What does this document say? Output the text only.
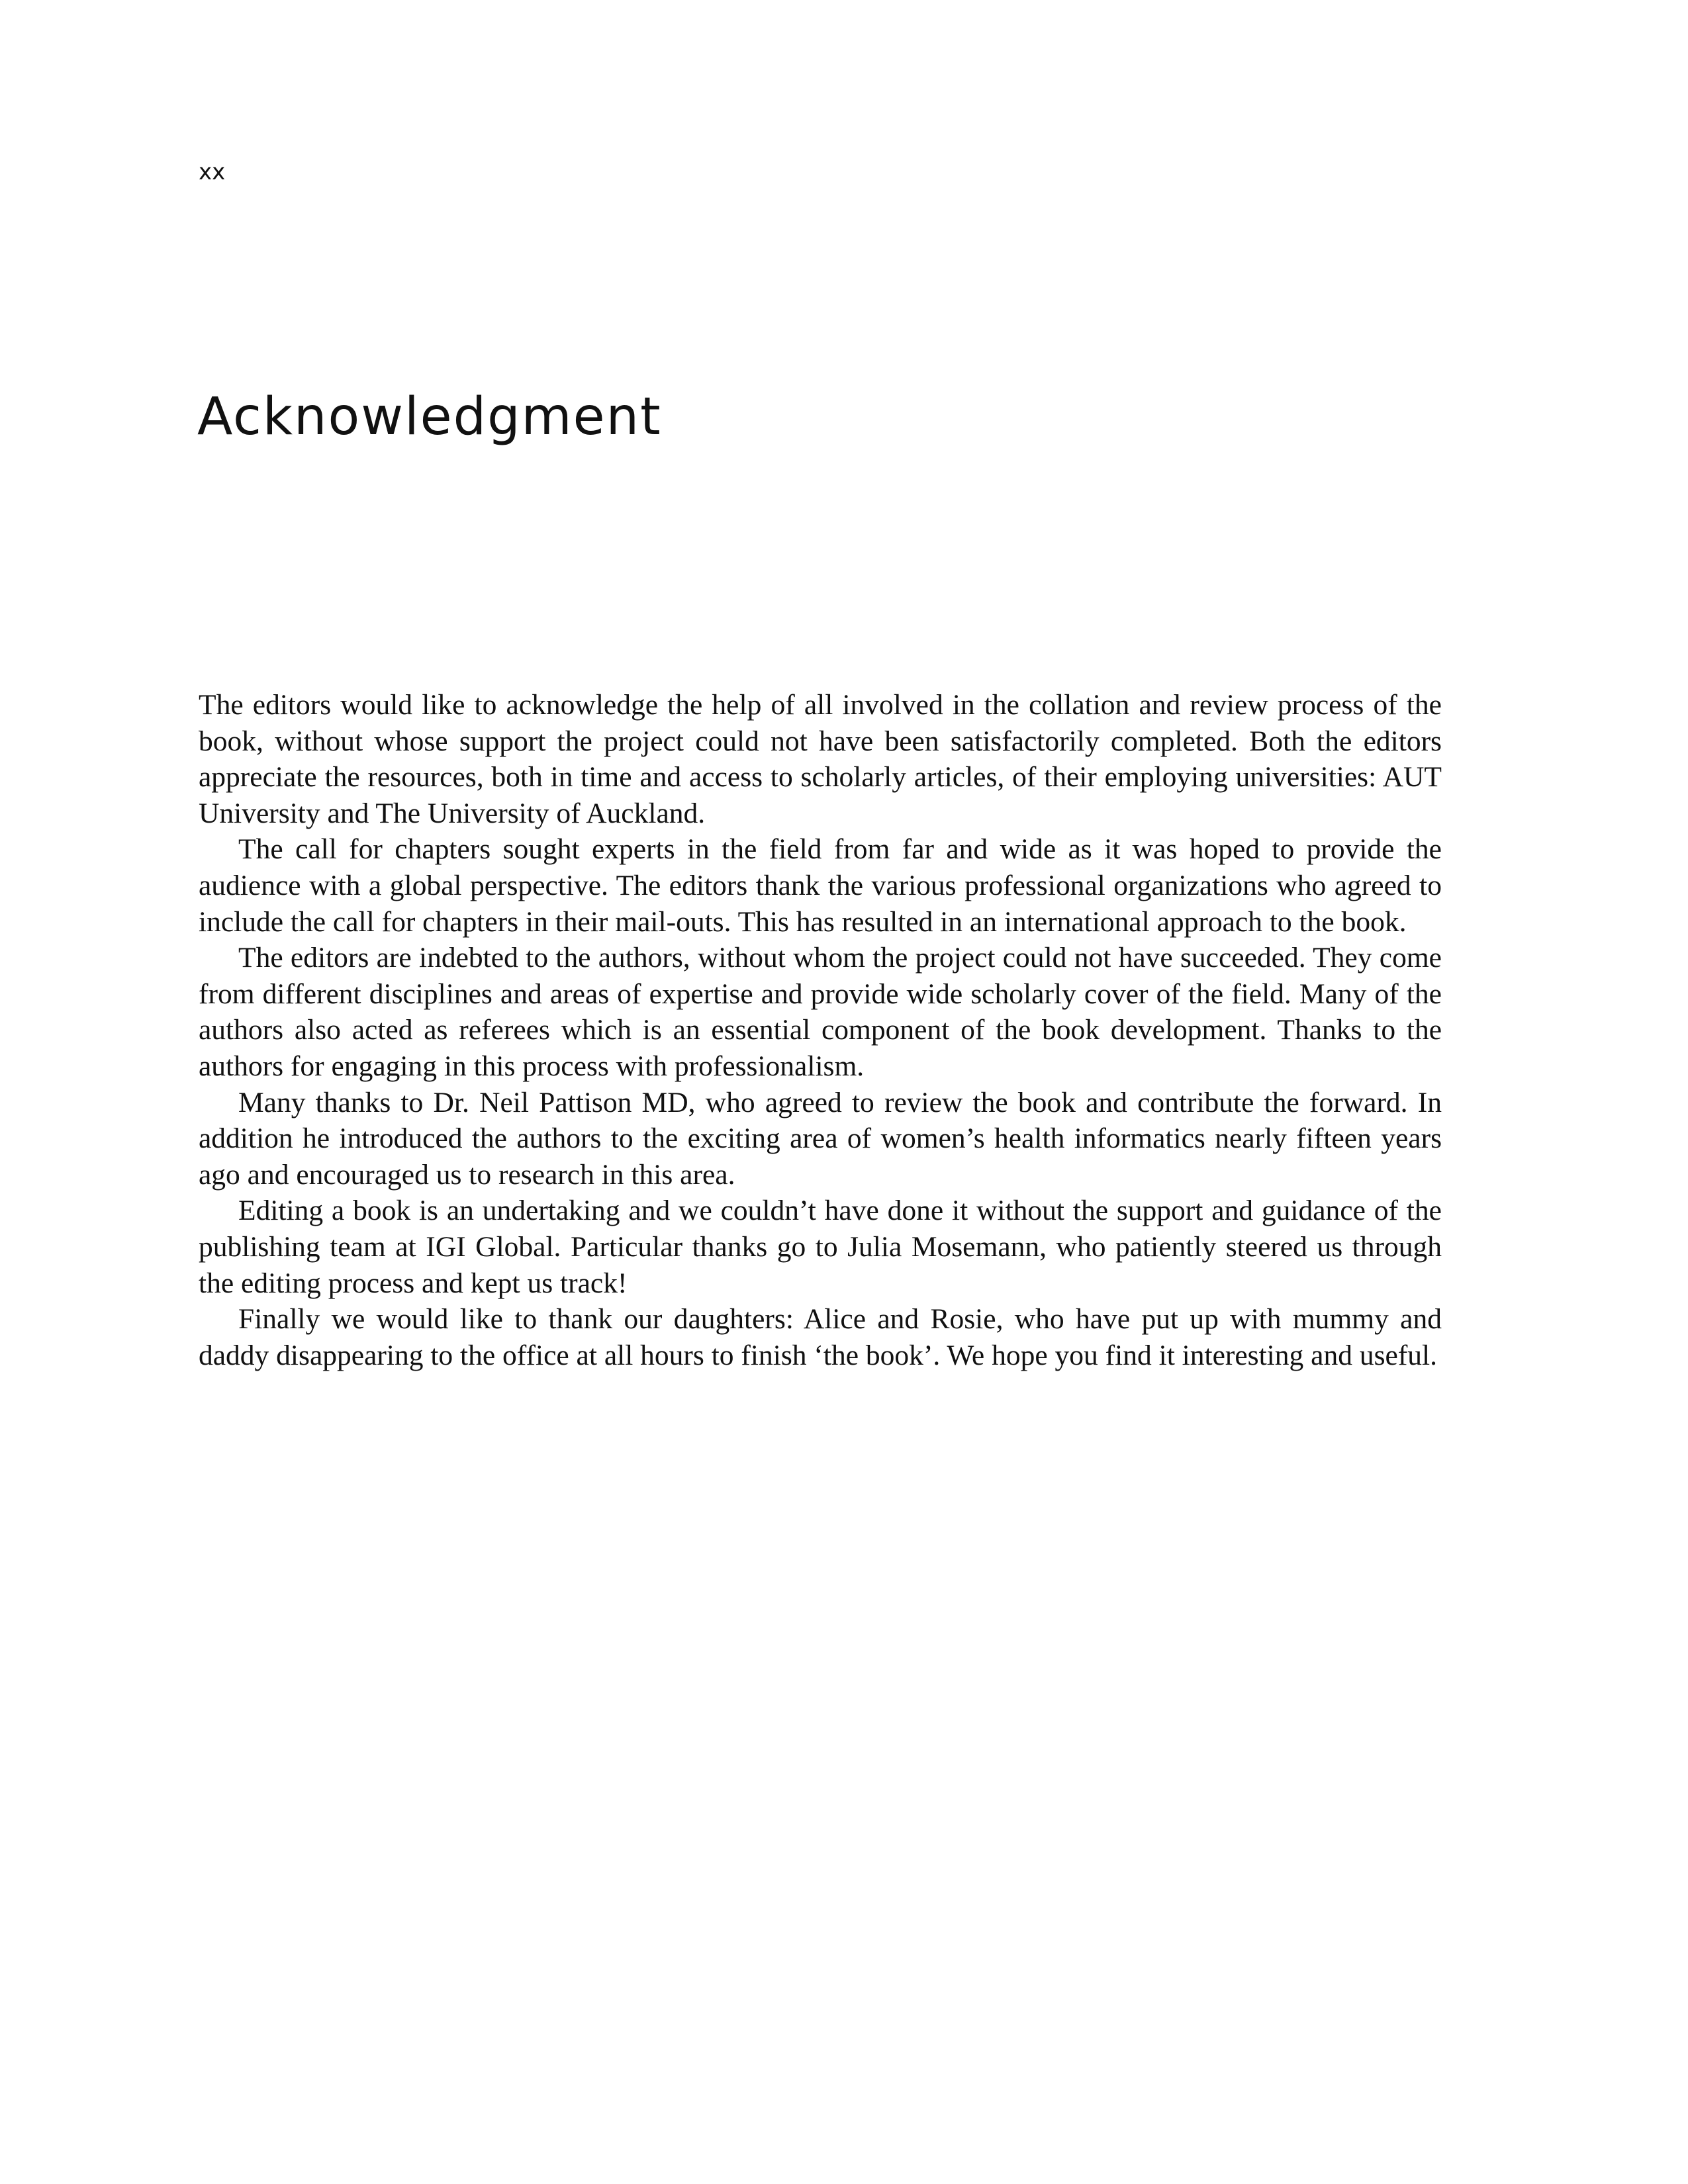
xx
Acknowledgment

The editors would like to acknowledge the help of all involved in the collation and review process of the book, without whose support the project could not have been satisfactorily completed. Both the editors appreciate the resources, both in time and access to scholarly articles, of their employing universities: AUT University and The University of Auckland.

The call for chapters sought experts in the field from far and wide as it was hoped to provide the audience with a global perspective. The editors thank the various professional organizations who agreed to include the call for chapters in their mail-outs. This has resulted in an international approach to the book.

The editors are indebted to the authors, without whom the project could not have succeeded. They come from different disciplines and areas of expertise and provide wide scholarly cover of the field. Many of the authors also acted as referees which is an essential component of the book development. Thanks to the authors for engaging in this process with professionalism.

Many thanks to Dr. Neil Pattison MD, who agreed to review the book and contribute the forward. In addition he introduced the authors to the exciting area of women’s health informatics nearly fifteen years ago and encouraged us to research in this area.

Editing a book is an undertaking and we couldn’t have done it without the support and guidance of the publishing team at IGI Global. Particular thanks go to Julia Mosemann, who patiently steered us through the editing process and kept us track!

Finally we would like to thank our daughters: Alice and Rosie, who have put up with mummy and daddy disappearing to the office at all hours to finish ‘the book’. We hope you find it interesting and useful.
